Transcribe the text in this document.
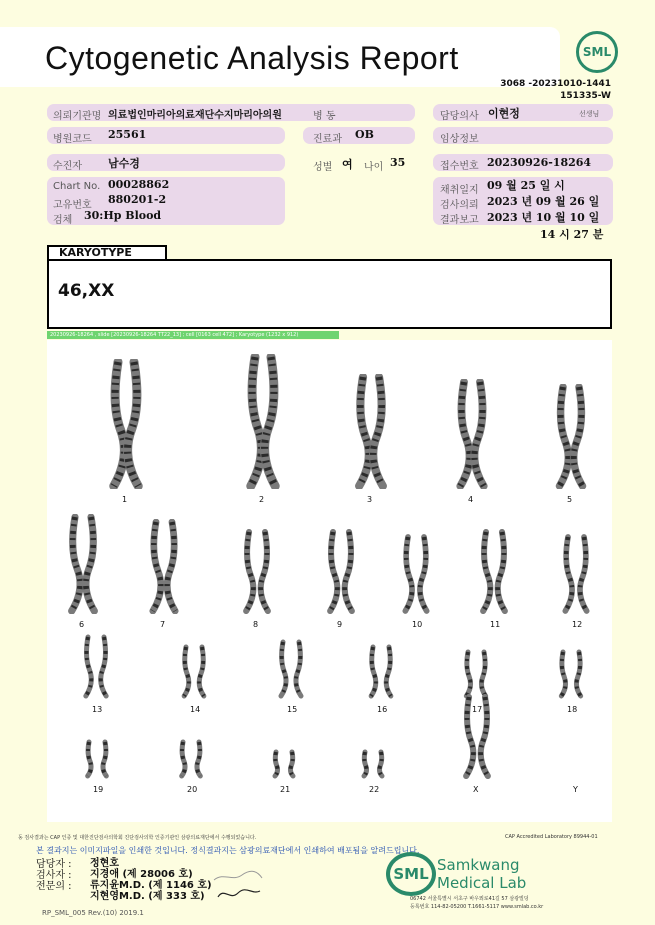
Cytogenetic Analysis Report	SML
3068 -20231010-1441
151335-W
의뢰기관명 의료법인마리아의료재단수지마리아의원	병 동	담당의사 이현정	선생님
병원코드 25561	진료과 OB	임상정보
수진자 남수경	성별 여 나이 35	접수번호 20230926-18264
Chart No. 00028862
고유번호 880201-2
검체 30:Hp Blood
채취일지 09 월 25 일 시
검사의뢰 2023 년 09 월 26 일
결과보고 2023 년 10 월 10 일
14 시 27 분
KARYOTYPE
46,XX
20230926-18264 , slide [20230926-18264 TT22_13] ; cell [0163 cell 472] ; Karyotype (1232 x 912)
1	2	3	4	5
6	7	8	9	10	11	12
13	14	15	16	17	18
19	20	21	22	X	Y
동 검사결과는 CAP 인증 및 대한진단검사의학회 진단검사의학 인증기관인 삼광의료재단에서 수행되었습니다.	CAP Accredited Laboratory 89944-01
본 결과지는 이미지파일을 인쇄한 것입니다. 정식결과지는 삼광의료재단에서 인쇄하여 배포됨을 알려드립니다.
담당자 : 정현호
검사자 : 지경애 (제 28006 호)
전문의 : 류지윤M.D. (제 1146 호)
지현영M.D. (제 333 호)
SML Samkwang
Medical Lab
06742 서울특별시 서초구 바우뫼로41길 57 삼광빌딩
등록번호 114-82-05200 T.1661-5117 www.smlab.co.kr
RP_SML_005 Rev.(10) 2019.1
